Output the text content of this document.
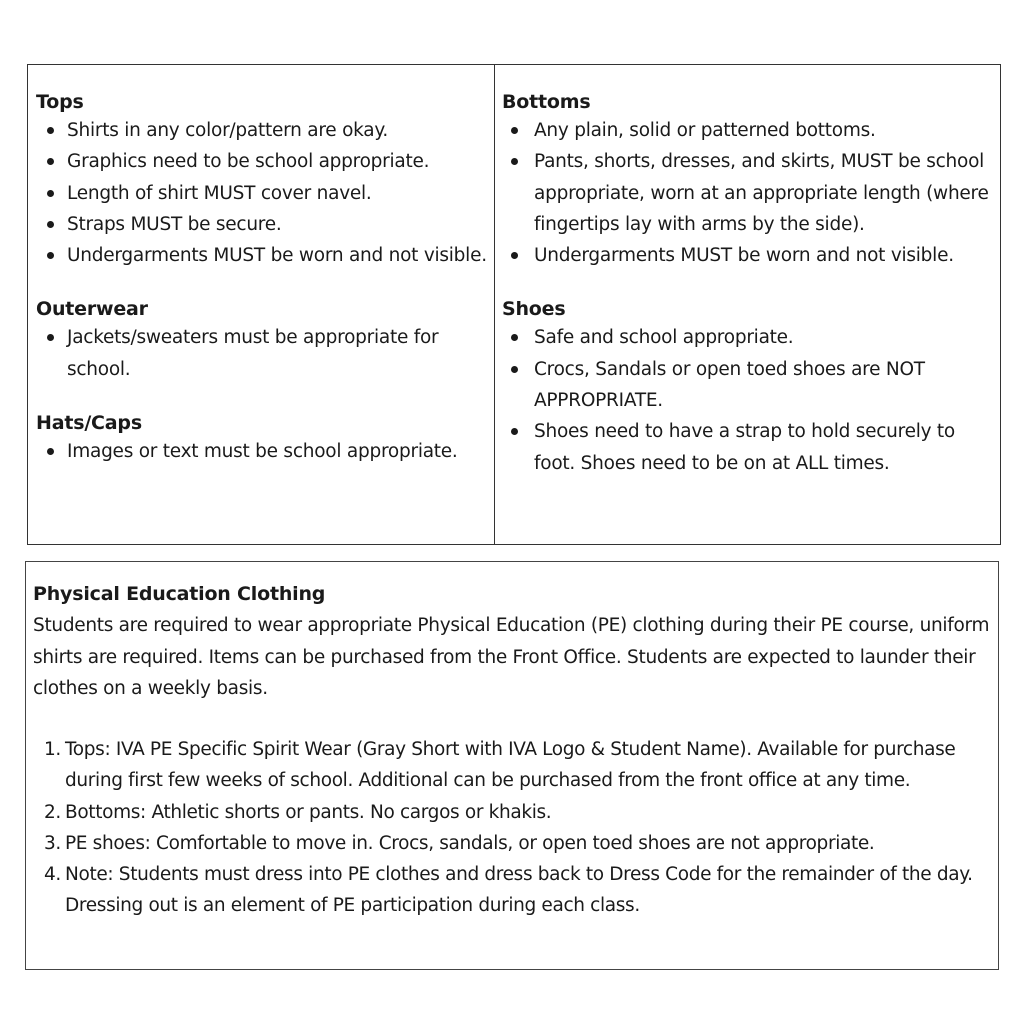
Tops
Shirts in any color/pattern are okay.
Graphics need to be school appropriate.
Length of shirt MUST cover navel.
Straps MUST be secure.
Undergarments MUST be worn and not visible.
Outerwear
Jackets/sweaters must be appropriate for school.
Hats/Caps
Images or text must be school appropriate.
Bottoms
Any plain, solid or patterned bottoms.
Pants, shorts, dresses, and skirts, MUST be school appropriate, worn at an appropriate length (where fingertips lay with arms by the side).
Undergarments MUST be worn and not visible.
Shoes
Safe and school appropriate.
Crocs, Sandals or open toed shoes are NOT APPROPRIATE.
Shoes need to have a strap to hold securely to foot. Shoes need to be on at ALL times.
Physical Education Clothing
Students are required to wear appropriate Physical Education (PE) clothing during their PE course, uniform shirts are required. Items can be purchased from the Front Office. Students are expected to launder their clothes on a weekly basis.
1. Tops: IVA PE Specific Spirit Wear (Gray Short with IVA Logo & Student Name). Available for purchase during first few weeks of school. Additional can be purchased from the front office at any time.
2. Bottoms: Athletic shorts or pants. No cargos or khakis.
3. PE shoes: Comfortable to move in. Crocs, sandals, or open toed shoes are not appropriate.
4. Note: Students must dress into PE clothes and dress back to Dress Code for the remainder of the day. Dressing out is an element of PE participation during each class.
